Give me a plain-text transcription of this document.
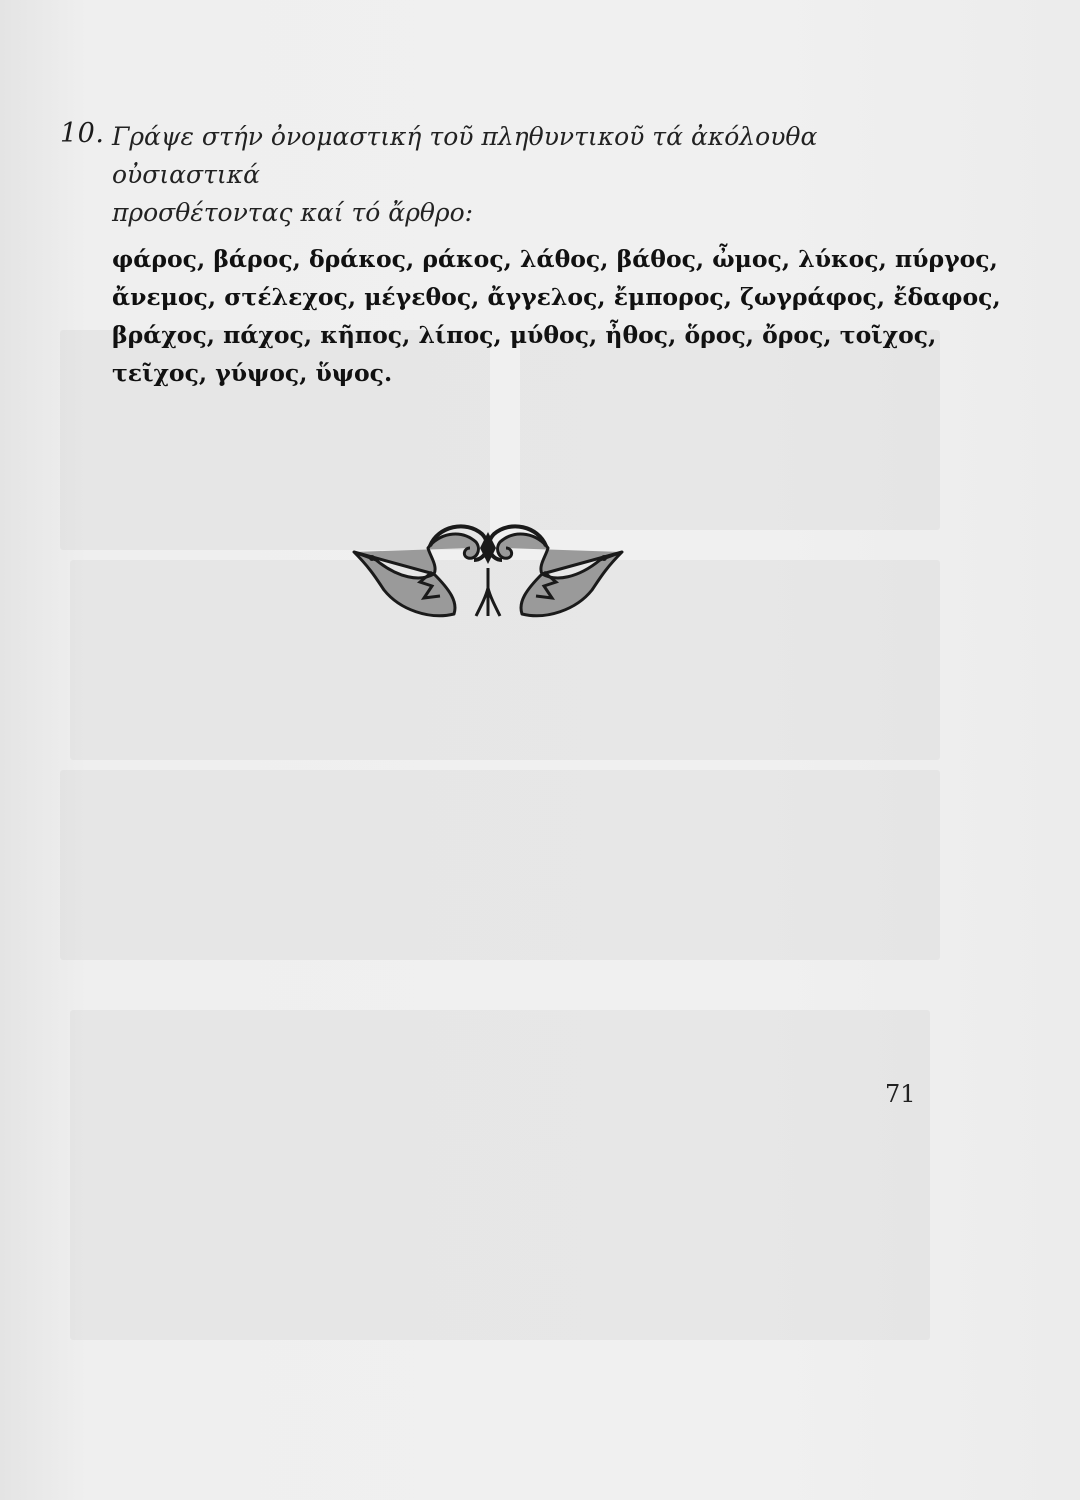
10. Γράψε στήν ὀνομαστική τοῦ πληθυντικοῦ τά ἀκόλουθα οὐσιαστικά
προσθέτοντας καί τό ἄρθρο:
φάρος, βάρος, δράκος, ράκος, λάθος, βάθος, ὦμος, λύκος, πύργος,
ἄνεμος, στέλεχος, μέγεθος, ἄγγελος, ἔμπορος, ζωγράφος, ἔδαφος,
βράχος, πάχος, κῆπος, λίπος, μύθος, ἦθος, ὅρος, ὄρος, τοῖχος,
τεῖχος, γύψος, ὕψος.
71
